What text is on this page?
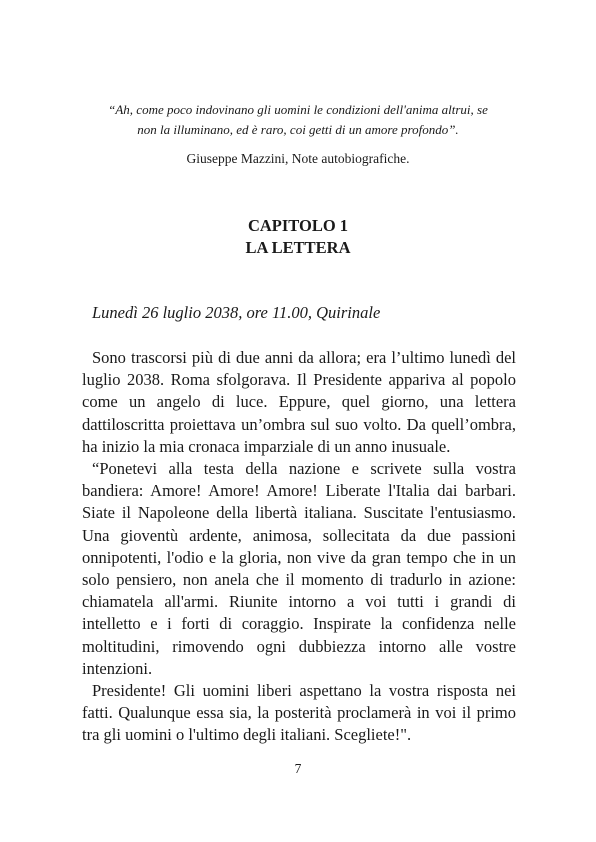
“Ah, come poco indovinano gli uomini le condizioni dell'anima altrui, se
non la illuminano, ed è raro, coi getti di un amore profondo”.
Giuseppe Mazzini, Note autobiografiche.
CAPITOLO 1
LA LETTERA
Lunedì 26 luglio 2038, ore 11.00, Quirinale

Sono trascorsi più di due anni da allora; era l’ultimo lunedì del luglio 2038. Roma sfolgorava. Il Presidente appariva al popolo come un angelo di luce. Eppure, quel giorno, una lettera dattiloscritta proiettava un’ombra sul suo volto. Da quell’ombra, ha inizio la mia cronaca imparziale di un anno inusuale.

“Ponetevi alla testa della nazione e scrivete sulla vostra bandiera: Amore! Amore! Amore! Liberate l'Italia dai barbari. Siate il Napoleone della libertà italiana. Suscitate l'entusiasmo. Una gioventù ardente, animosa, sollecitata da due passioni onnipotenti, l'odio e la gloria, non vive da gran tempo che in un solo pensiero, non anela che il momento di tradurlo in azione: chiamatela all'armi. Riunite intorno a voi tutti i grandi di intelletto e i forti di coraggio. Inspirate la confidenza nelle moltitudini, rimovendo ogni dubbiezza intorno alle vostre intenzioni.

Presidente! Gli uomini liberi aspettano la vostra risposta nei fatti. Qualunque essa sia, la posterità proclamerà in voi il primo tra gli uomini o l'ultimo degli italiani. Scegliete!".

7
